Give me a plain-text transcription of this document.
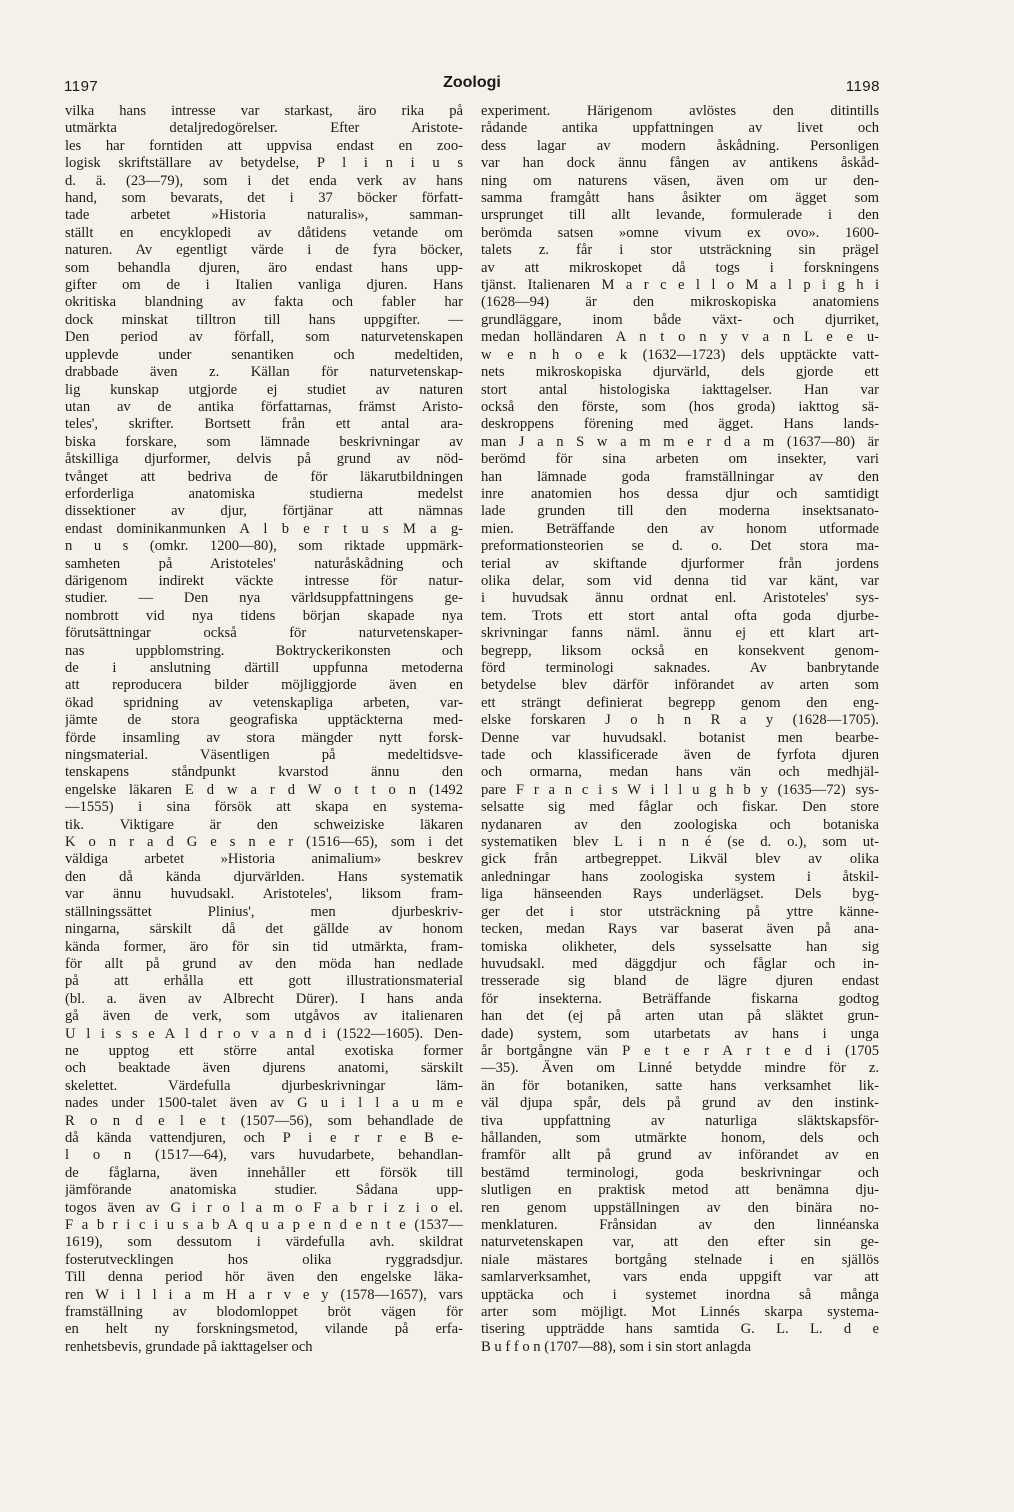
1197	Zoologi	1198
vilka hans intresse var starkast, äro rika på
utmärkta detaljredogörelser. Efter Aristote-
les har forntiden att uppvisa endast en zoo-
logisk skriftställare av betydelse, P l i n i u s
d. ä. (23—79), som i det enda verk av hans
hand, som bevarats, det i 37 böcker författ-
tade arbetet »Historia naturalis», samman-
ställt en encyklopedi av dåtidens vetande om
naturen. Av egentligt värde i de fyra böcker,
som behandla djuren, äro endast hans upp-
gifter om de i Italien vanliga djuren. Hans
okritiska blandning av fakta och fabler har
dock minskat tilltron till hans uppgifter. —
Den period av förfall, som naturvetenskapen
upplevde under senantiken och medeltiden,
drabbade även z. Källan för naturvetenskap-
lig kunskap utgjorde ej studiet av naturen
utan av de antika författarnas, främst Aristo-
teles', skrifter. Bortsett från ett antal ara-
biska forskare, som lämnade beskrivningar av
åtskilliga djurformer, delvis på grund av nöd-
tvånget att bedriva de för läkarutbildningen
erforderliga anatomiska studierna medelst
dissektioner av djur, förtjänar att nämnas
endast dominikanmunken A l b e r t u s M a g-
n u s (omkr. 1200—80), som riktade uppmärk-
samheten på Aristoteles' naturåskådning och
därigenom indirekt väckte intresse för natur-
studier. — Den nya världsuppfattningens ge-
nombrott vid nya tidens början skapade nya
förutsättningar också för naturvetenskaper-
nas uppblomstring. Boktryckerikonsten och
de i anslutning därtill uppfunna metoderna
att reproducera bilder möjliggjorde även en
ökad spridning av vetenskapliga arbeten, var-
jämte de stora geografiska upptäckterna med-
förde insamling av stora mängder nytt forsk-
ningsmaterial. Väsentligen på medeltidsve-
tenskapens ståndpunkt kvarstod ännu den
engelske läkaren E d w a r d W o t t o n (1492
—1555) i sina försök att skapa en systema-
tik. Viktigare är den schweiziske läkaren
K o n r a d G e s n e r (1516—65), som i det
väldiga arbetet »Historia animalium» beskrev
den då kända djurvärlden. Hans systematik
var ännu huvudsakl. Aristoteles', liksom fram-
ställningssättet Plinius', men djurbeskriv-
ningarna, särskilt då det gällde av honom
kända former, äro för sin tid utmärkta, fram-
för allt på grund av den möda han nedlade
på att erhålla ett gott illustrationsmaterial
(bl. a. även av Albrecht Dürer). I hans anda
gå även de verk, som utgåvos av italienaren
U l i s s e A l d r o v a n d i (1522—1605). Den-
ne upptog ett större antal exotiska former
och beaktade även djurens anatomi, särskilt
skelettet. Värdefulla djurbeskrivningar läm-
nades under 1500-talet även av G u i l l a u m e
R o n d e l e t (1507—56), som behandlade de
då kända vattendjuren, och P i e r r e B e-
l o n (1517—64), vars huvudarbete, behandlan-
de fåglarna, även innehåller ett försök till
jämförande anatomiska studier. Sådana upp-
togos även av G i r o l a m o F a b r i z i o el.
F a b r i c i u s a b A q u a p e n d e n t e (1537—
1619), som dessutom i värdefulla avh. skildrat
fosterutvecklingen hos olika ryggradsdjur.
Till denna period hör även den engelske läka-
ren W i l l i a m H a r v e y (1578—1657), vars
framställning av blodomloppet bröt vägen för
en helt ny forskningsmetod, vilande på erfa-
renhetsbevis, grundade på iakttagelser och
experiment. Härigenom avlöstes den ditintills
rådande antika uppfattningen av livet och
dess lagar av modern åskådning. Personligen
var han dock ännu fången av antikens åskåd-
ning om naturens väsen, även om ur den-
samma framgått hans åsikter om ägget som
ursprunget till allt levande, formulerade i den
berömda satsen »omne vivum ex ovo». 1600-
talets z. får i stor utsträckning sin prägel
av att mikroskopet då togs i forskningens
tjänst. Italienaren M a r c e l l o M a l p i g h i
(1628—94) är den mikroskopiska anatomiens
grundläggare, inom både växt- och djurriket,
medan holländaren A n t o n y v a n L e e u-
w e n h o e k (1632—1723) dels upptäckte vatt-
nets mikroskopiska djurvärld, dels gjorde ett
stort antal histologiska iakttagelser. Han var
också den förste, som (hos groda) iakttog sä-
deskroppens förening med ägget. Hans lands-
man J a n S w a m m e r d a m (1637—80) är
berömd för sina arbeten om insekter, vari
han lämnade goda framställningar av den
inre anatomien hos dessa djur och samtidigt
lade grunden till den moderna insektsanato-
mien. Beträffande den av honom utformade
preformationsteorien se d. o. Det stora ma-
terial av skiftande djurformer från jordens
olika delar, som vid denna tid var känt, var
i huvudsak ännu ordnat enl. Aristoteles' sys-
tem. Trots ett stort antal ofta goda djurbe-
skrivningar fanns näml. ännu ej ett klart art-
begrepp, liksom också en konsekvent genom-
förd terminologi saknades. Av banbrytande
betydelse blev därför införandet av arten som
ett strängt definierat begrepp genom den eng-
elske forskaren J o h n R a y (1628—1705).
Denne var huvudsakl. botanist men bearbe-
tade och klassificerade även de fyrfota djuren
och ormarna, medan hans vän och medhjäl-
pare F r a n c i s W i l l u g h b y (1635—72) sys-
selsatte sig med fåglar och fiskar. Den store
nydanaren av den zoologiska och botaniska
systematiken blev L i n n é (se d. o.), som ut-
gick från artbegreppet. Likväl blev av olika
anledningar hans zoologiska system i åtskil-
liga hänseenden Rays underlägset. Dels byg-
ger det i stor utsträckning på yttre känne-
tecken, medan Rays var baserat även på ana-
tomiska olikheter, dels sysselsatte han sig
huvudsakl. med däggdjur och fåglar och in-
tresserade sig bland de lägre djuren endast
för insekterna. Beträffande fiskarna godtog
han det (ej på arten utan på släktet grun-
dade) system, som utarbetats av hans i unga
år bortgångne vän P e t e r A r t e d i (1705
—35). Även om Linné betydde mindre för z.
än för botaniken, satte hans verksamhet lik-
väl djupa spår, dels på grund av den instink-
tiva uppfattning av naturliga släktskapsför-
hållanden, som utmärkte honom, dels och
framför allt på grund av införandet av en
bestämd terminologi, goda beskrivningar och
slutligen en praktisk metod att benämna dju-
ren genom uppställningen av den binära no-
menklaturen. Frånsidan av den linnéanska
naturvetenskapen var, att den efter sin ge-
niale mästares bortgång stelnade i en själlös
samlarverksamhet, vars enda uppgift var att
upptäcka och i systemet inordna så många
arter som möjligt. Mot Linnés skarpa systema-
tisering uppträdde hans samtida G. L. L. d e
B u f f o n (1707—88), som i sin stort anlagda
